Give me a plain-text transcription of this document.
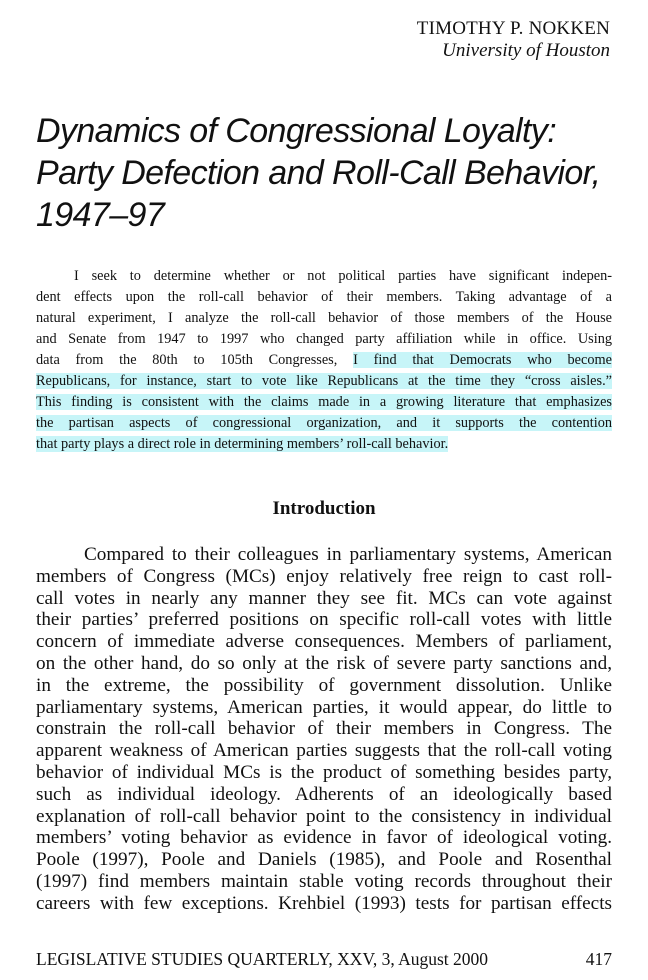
TIMOTHY P. NOKKEN
University of Houston
Dynamics of Congressional Loyalty:
Party Defection and Roll-Call Behavior,
1947–97
I seek to determine whether or not political parties have significant indepen-
dent effects upon the roll-call behavior of their members. Taking advantage of a
natural experiment, I analyze the roll-call behavior of those members of the House
and Senate from 1947 to 1997 who changed party affiliation while in office. Using
data from the 80th to 105th Congresses, I find that Democrats who become
Republicans, for instance, start to vote like Republicans at the time they “cross aisles.”
This finding is consistent with the claims made in a growing literature that emphasizes
the partisan aspects of congressional organization, and it supports the contention
that party plays a direct role in determining members’ roll-call behavior.
Introduction
Compared to their colleagues in parliamentary systems, American
members of Congress (MCs) enjoy relatively free reign to cast roll-
call votes in nearly any manner they see fit. MCs can vote against
their parties’ preferred positions on specific roll-call votes with little
concern of immediate adverse consequences. Members of parliament,
on the other hand, do so only at the risk of severe party sanctions and,
in the extreme, the possibility of government dissolution. Unlike
parliamentary systems, American parties, it would appear, do little to
constrain the roll-call behavior of their members in Congress. The
apparent weakness of American parties suggests that the roll-call voting
behavior of individual MCs is the product of something besides party,
such as individual ideology. Adherents of an ideologically based
explanation of roll-call behavior point to the consistency in individual
members’ voting behavior as evidence in favor of ideological voting.
Poole (1997), Poole and Daniels (1985), and Poole and Rosenthal
(1997) find members maintain stable voting records throughout their
careers with few exceptions. Krehbiel (1993) tests for partisan effects
LEGISLATIVE STUDIES QUARTERLY, XXV, 3, August 2000	417
